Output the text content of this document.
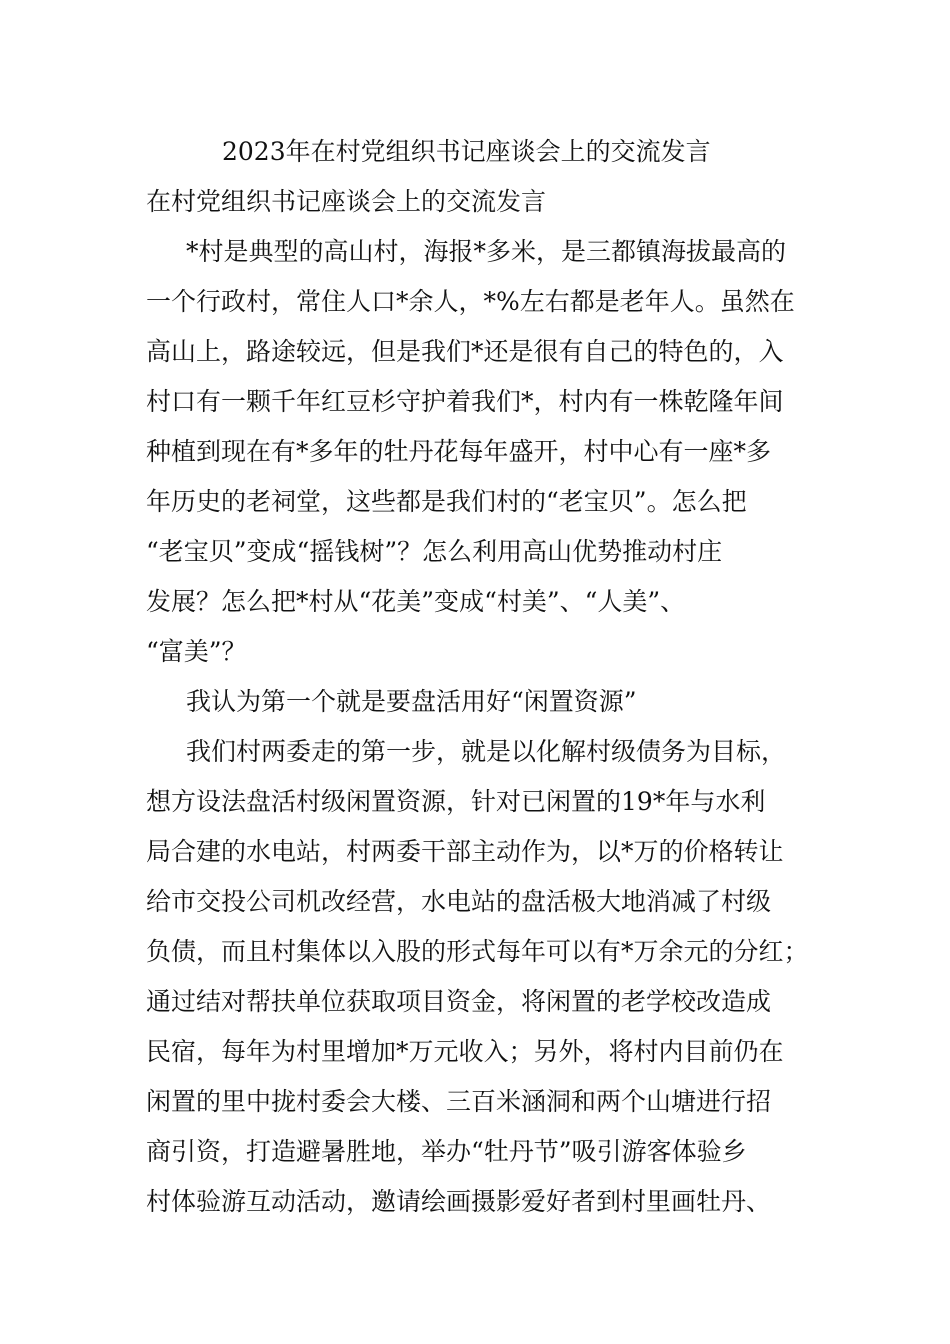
2023年在村党组织书记座谈会上的交流发言
在村党组织书记座谈会上的交流发言
*村是典型的高山村，海报*多米，是三都镇海拔最高的
一个行政村，常住人口*余人，*%左右都是老年人。虽然在
高山上，路途较远，但是我们*还是很有自己的特色的，入
村口有一颗千年红豆杉守护着我们*，村内有一株乾隆年间
种植到现在有*多年的牡丹花每年盛开，村中心有一座*多
年历史的老祠堂，这些都是我们村的“老宝贝”。怎么把
“老宝贝”变成“摇钱树”？怎么利用高山优势推动村庄
发展？怎么把*村从“花美”变成“村美”、“人美”、
“富美”？
我认为第一个就是要盘活用好“闲置资源”
我们村两委走的第一步，就是以化解村级债务为目标，
想方设法盘活村级闲置资源，针对已闲置的19*年与水利
局合建的水电站，村两委干部主动作为，以*万的价格转让
给市交投公司机改经营，水电站的盘活极大地消减了村级
负债，而且村集体以入股的形式每年可以有*万余元的分红；
通过结对帮扶单位获取项目资金，将闲置的老学校改造成
民宿，每年为村里增加*万元收入；另外，将村内目前仍在
闲置的里中拢村委会大楼、三百米涵洞和两个山塘进行招
商引资，打造避暑胜地，举办“牡丹节”吸引游客体验乡
村体验游互动活动，邀请绘画摄影爱好者到村里画牡丹、
